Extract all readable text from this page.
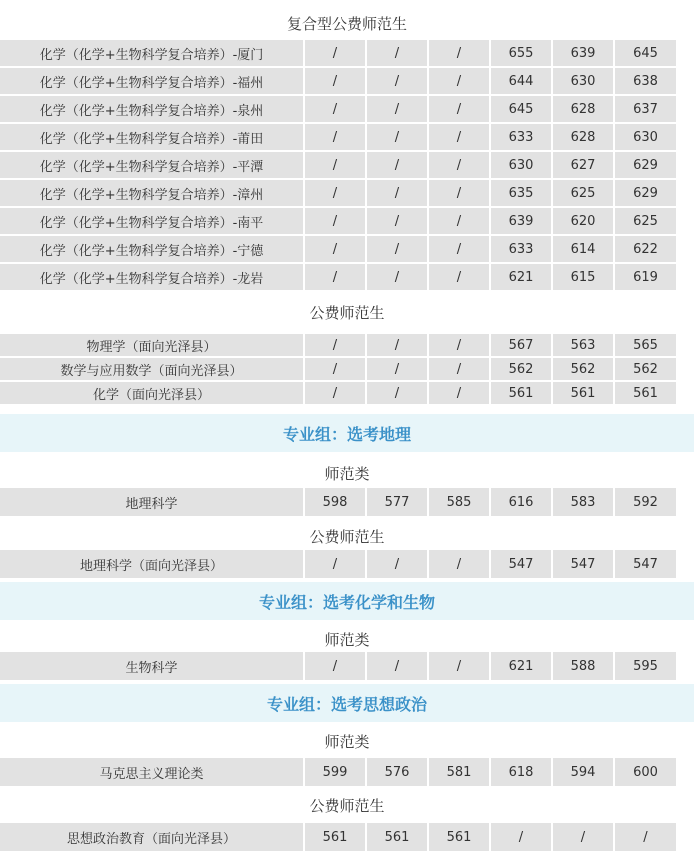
复合型公费师范生
化学（化学+生物科学复合培养）-厦门	/	/	/	655	639	645
化学（化学+生物科学复合培养）-福州	/	/	/	644	630	638
化学（化学+生物科学复合培养）-泉州	/	/	/	645	628	637
化学（化学+生物科学复合培养）-莆田	/	/	/	633	628	630
化学（化学+生物科学复合培养）-平潭	/	/	/	630	627	629
化学（化学+生物科学复合培养）-漳州	/	/	/	635	625	629
化学（化学+生物科学复合培养）-南平	/	/	/	639	620	625
化学（化学+生物科学复合培养）-宁德	/	/	/	633	614	622
化学（化学+生物科学复合培养）-龙岩	/	/	/	621	615	619
公费师范生
物理学（面向光泽县）	/	/	/	567	563	565
数学与应用数学（面向光泽县）	/	/	/	562	562	562
化学（面向光泽县）	/	/	/	561	561	561
专业组：选考地理
师范类
地理科学	598	577	585	616	583	592
公费师范生
地理科学（面向光泽县）	/	/	/	547	547	547
专业组：选考化学和生物
师范类
生物科学	/	/	/	621	588	595
专业组：选考思想政治
师范类
马克思主义理论类	599	576	581	618	594	600
公费师范生
思想政治教育（面向光泽县）	561	561	561	/	/	/
